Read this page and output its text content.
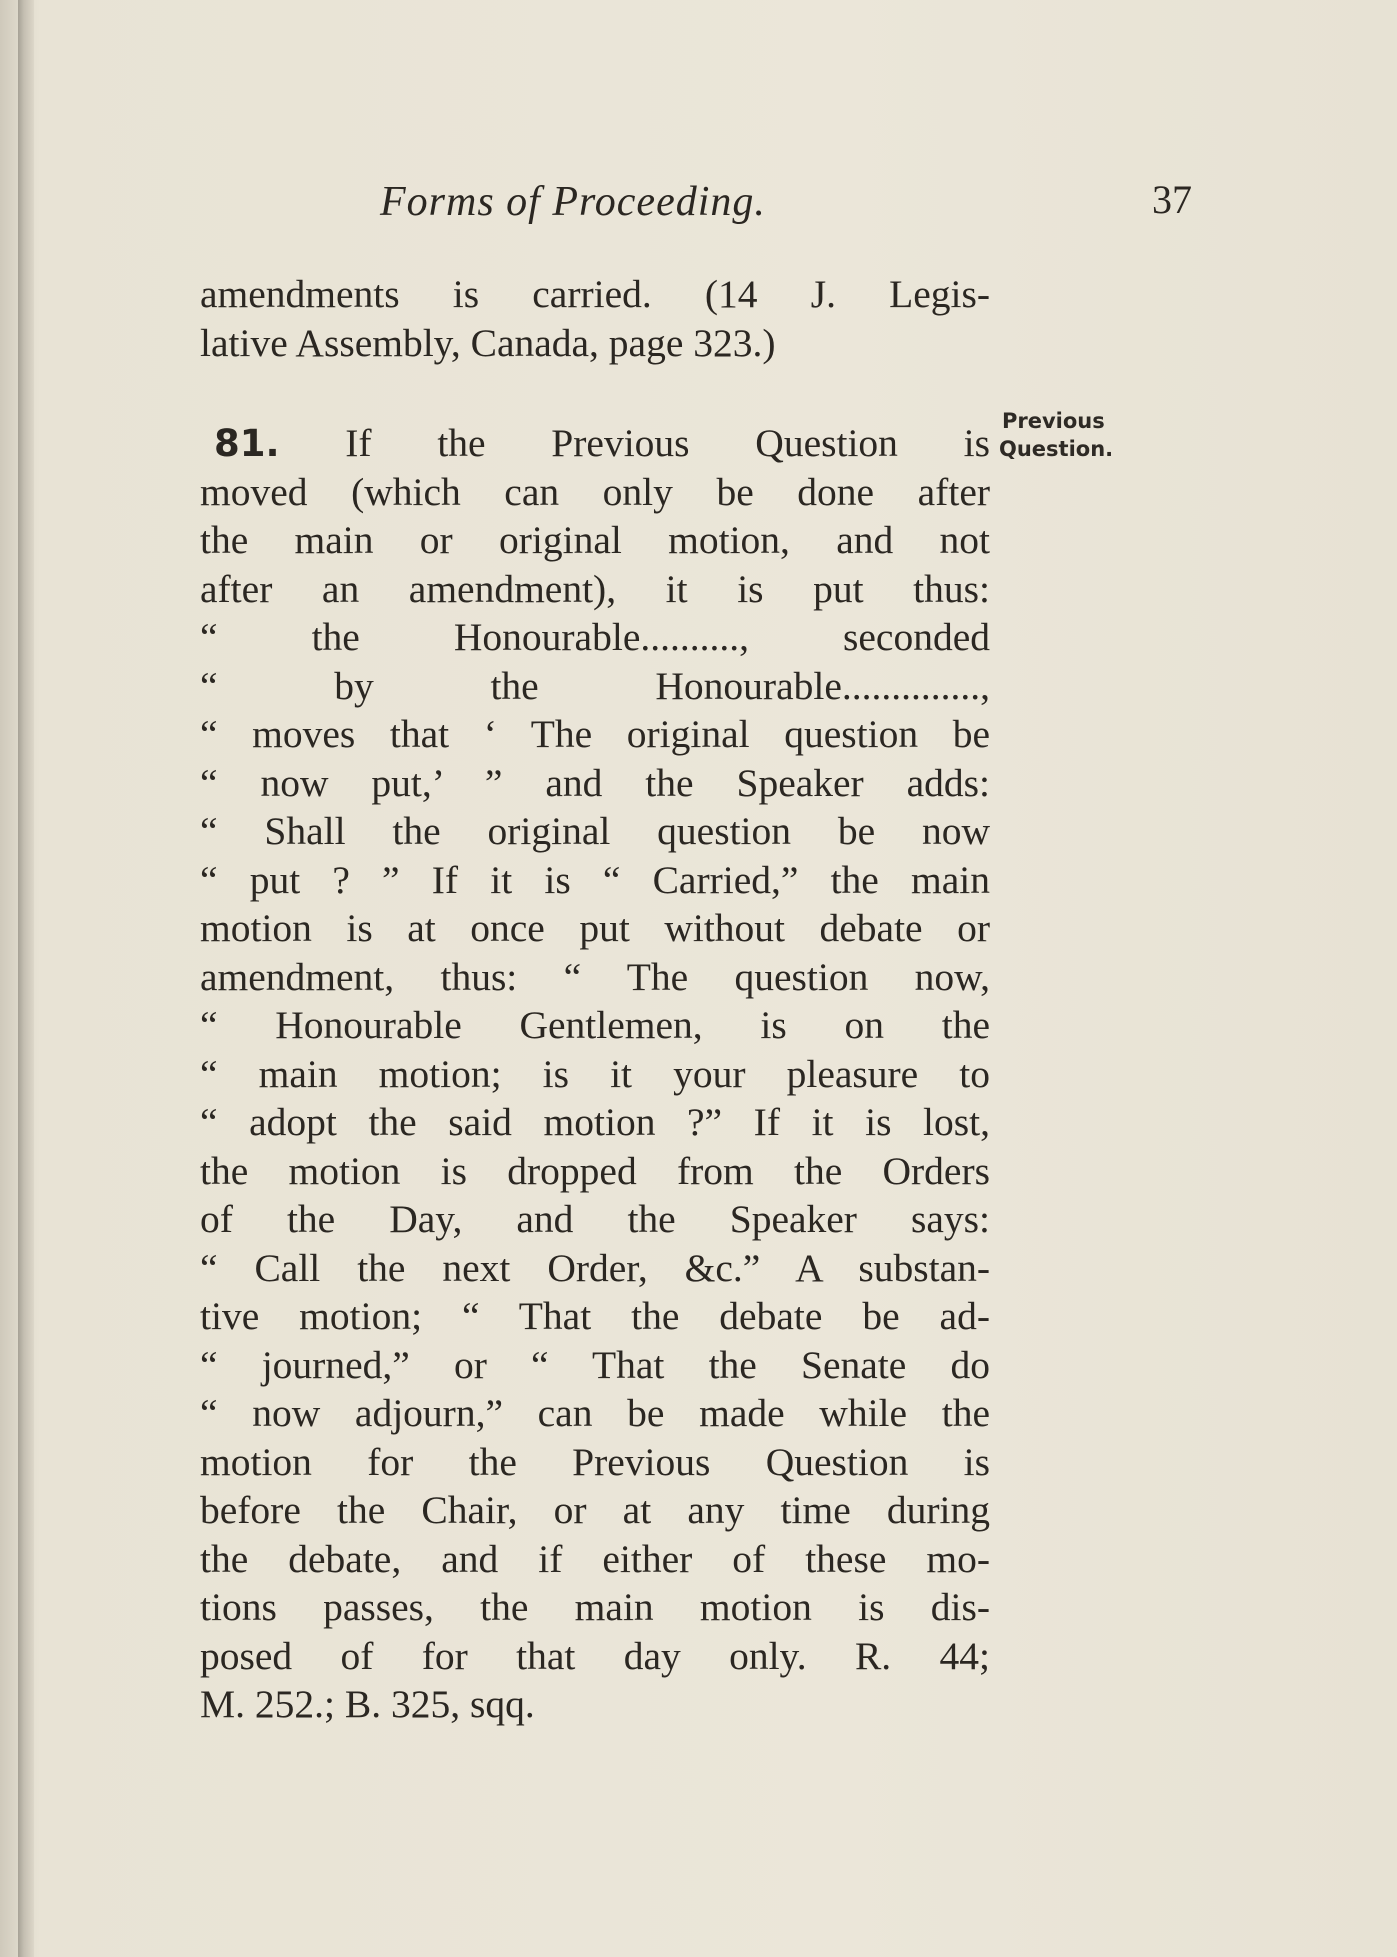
Forms of Proceeding.	37
amendments is carried. (14 J. Legis-
lative Assembly, Canada, page 323.)
81. If the Previous Question is
moved (which can only be done after
the main or original motion, and not
after an amendment), it is put thus:
“ the Honourable.........., seconded
“ by the Honourable..............,
“ moves that ‘ The original question be
“ now put,’ ” and the Speaker adds:
“ Shall the original question be now
“ put ? ” If it is “ Carried,” the main
motion is at once put without debate or
amendment, thus: “ The question now,
“ Honourable Gentlemen, is on the
“ main motion; is it your pleasure to
“ adopt the said motion ?” If it is lost,
the motion is dropped from the Orders
of the Day, and the Speaker says:
“ Call the next Order, &c.” A substan-
tive motion; “ That the debate be ad-
“ journed,” or “ That the Senate do
“ now adjourn,” can be made while the
motion for the Previous Question is
before the Chair, or at any time during
the debate, and if either of these mo-
tions passes, the main motion is dis-
posed of for that day only. R. 44;
M. 252.; B. 325, sqq.
Previous
Question.
